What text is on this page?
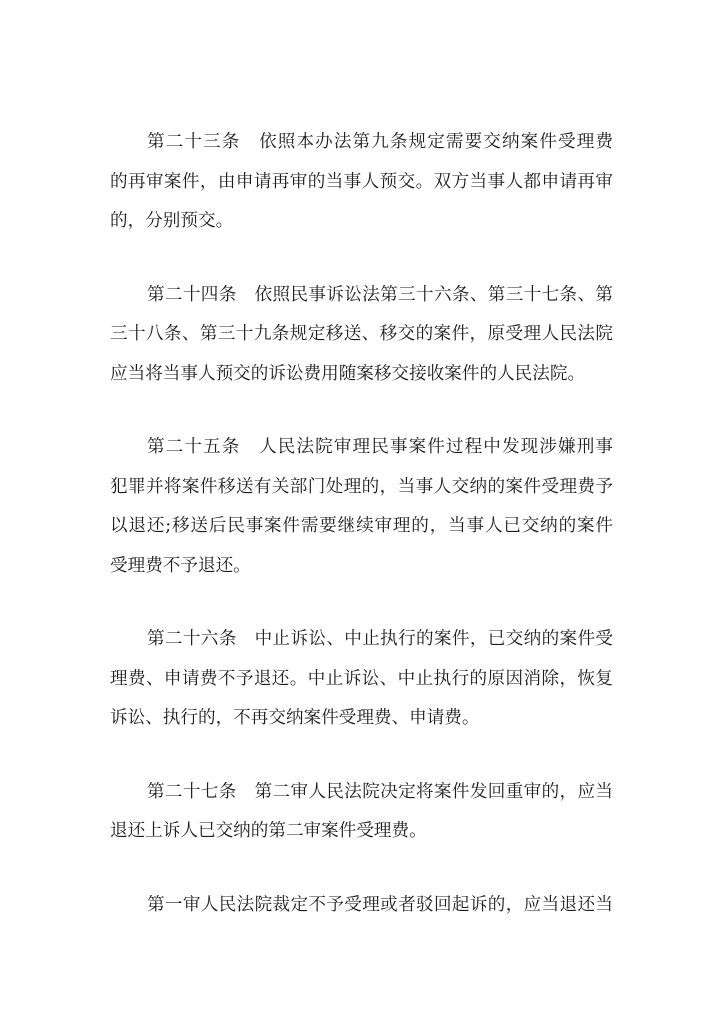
第二十三条　依照本办法第九条规定需要交纳案件受理费
的再审案件，由申请再审的当事人预交。双方当事人都申请再审
的，分别预交。
第二十四条　依照民事诉讼法第三十六条、第三十七条、第
三十八条、第三十九条规定移送、移交的案件，原受理人民法院
应当将当事人预交的诉讼费用随案移交接收案件的人民法院。
第二十五条　人民法院审理民事案件过程中发现涉嫌刑事
犯罪并将案件移送有关部门处理的，当事人交纳的案件受理费予
以退还;移送后民事案件需要继续审理的，当事人已交纳的案件
受理费不予退还。
第二十六条　中止诉讼、中止执行的案件，已交纳的案件受
理费、申请费不予退还。中止诉讼、中止执行的原因消除，恢复
诉讼、执行的，不再交纳案件受理费、申请费。
第二十七条　第二审人民法院决定将案件发回重审的，应当
退还上诉人已交纳的第二审案件受理费。
第一审人民法院裁定不予受理或者驳回起诉的，应当退还当
